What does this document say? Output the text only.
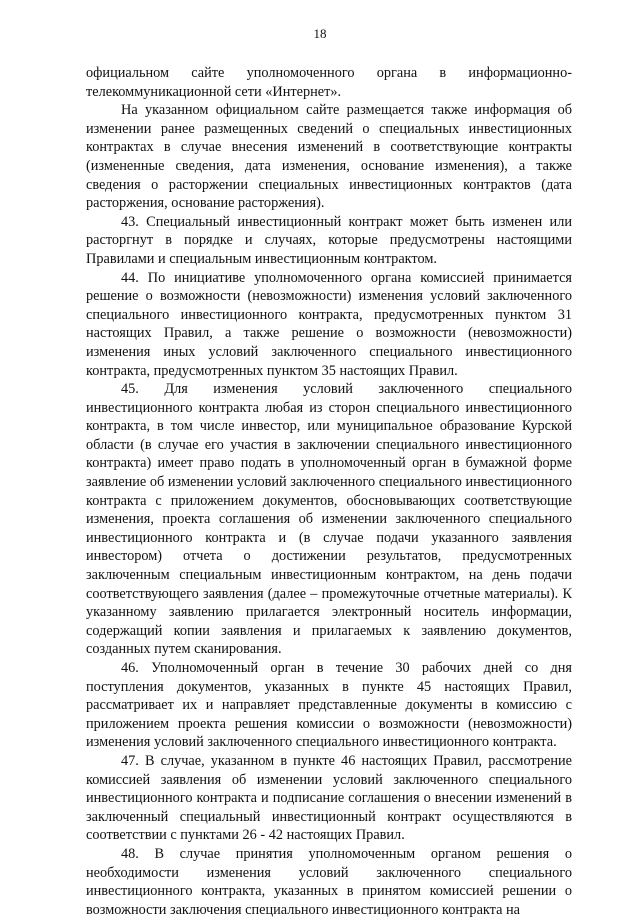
18

официальном сайте уполномоченного органа в информационно-телекоммуникационной сети «Интернет».

На указанном официальном сайте размещается также информация об изменении ранее размещенных сведений о специальных инвестиционных контрактах в случае внесения изменений в соответствующие контракты (измененные сведения, дата изменения, основание изменения), а также сведения о расторжении специальных инвестиционных контрактов (дата расторжения, основание расторжения).

43. Специальный инвестиционный контракт может быть изменен или расторгнут в порядке и случаях, которые предусмотрены настоящими Правилами и специальным инвестиционным контрактом.

44. По инициативе уполномоченного органа комиссией принимается решение о возможности (невозможности) изменения условий заключенного специального инвестиционного контракта, предусмотренных пунктом 31 настоящих Правил, а также решение о возможности (невозможности) изменения иных условий заключенного специального инвестиционного контракта, предусмотренных пунктом 35 настоящих Правил.

45. Для изменения условий заключенного специального инвестиционного контракта любая из сторон специального инвестиционного контракта, в том числе инвестор, или муниципальное образование Курской области (в случае его участия в заключении специального инвестиционного контракта) имеет право подать в уполномоченный орган в бумажной форме заявление об изменении условий заключенного специального инвестиционного контракта с приложением документов, обосновывающих соответствующие изменения, проекта соглашения об изменении заключенного специального инвестиционного контракта и (в случае подачи указанного заявления инвестором) отчета о достижении результатов, предусмотренных заключенным специальным инвестиционным контрактом, на день подачи соответствующего заявления (далее – промежуточные отчетные материалы). К указанному заявлению прилагается электронный носитель информации, содержащий копии заявления и прилагаемых к заявлению документов, созданных путем сканирования.

46. Уполномоченный орган в течение 30 рабочих дней со дня поступления документов, указанных в пункте 45 настоящих Правил, рассматривает их и направляет представленные документы в комиссию с приложением проекта решения комиссии о возможности (невозможности) изменения условий заключенного специального инвестиционного контракта.

47. В случае, указанном в пункте 46 настоящих Правил, рассмотрение комиссией заявления об изменении условий заключенного специального инвестиционного контракта и подписание соглашения о внесении изменений в заключенный специальный инвестиционный контракт осуществляются в соответствии с пунктами 26 - 42 настоящих Правил.

48. В случае принятия уполномоченным органом решения о необходимости изменения условий заключенного специального инвестиционного контракта, указанных в принятом комиссией решении о возможности заключения специального инвестиционного контракта на
